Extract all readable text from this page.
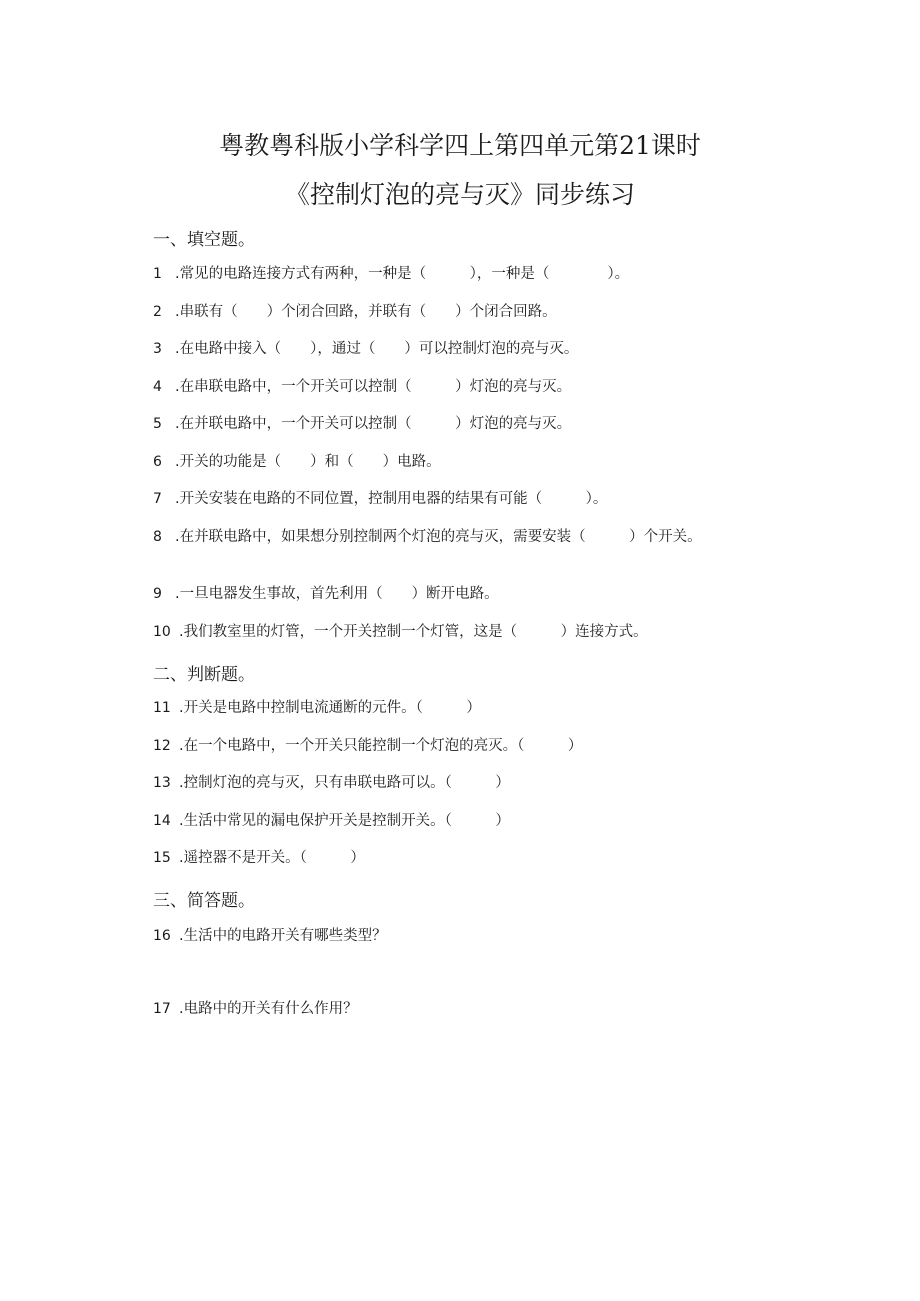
粤教粤科版小学科学四上第四单元第21课时
《控制灯泡的亮与灭》同步练习
一、填空题。
1 .常见的电路连接方式有两种，一种是（　　　），一种是（　　　　）。
2 .串联有（　　）个闭合回路，并联有（　　）个闭合回路。
3 .在电路中接入（　　），通过（　　）可以控制灯泡的亮与灭。
4 .在串联电路中，一个开关可以控制（　　　）灯泡的亮与灭。
5 .在并联电路中，一个开关可以控制（　　　）灯泡的亮与灭。
6 .开关的功能是（　　）和（　　）电路。
7 .开关安装在电路的不同位置，控制用电器的结果有可能（　　　）。
8 .在并联电路中，如果想分别控制两个灯泡的亮与灭，需要安装（　　　）个开关。
9 .一旦电器发生事故，首先利用（　　）断开电路。
10 .我们教室里的灯管，一个开关控制一个灯管，这是（　　　）连接方式。
二、判断题。
11 .开关是电路中控制电流通断的元件。（　　　）
12 .在一个电路中，一个开关只能控制一个灯泡的亮灭。（　　　）
13 .控制灯泡的亮与灭，只有串联电路可以。（　　　）
14 .生活中常见的漏电保护开关是控制开关。（　　　）
15 .遥控器不是开关。（　　　）
三、简答题。
16 .生活中的电路开关有哪些类型？
17 .电路中的开关有什么作用？
